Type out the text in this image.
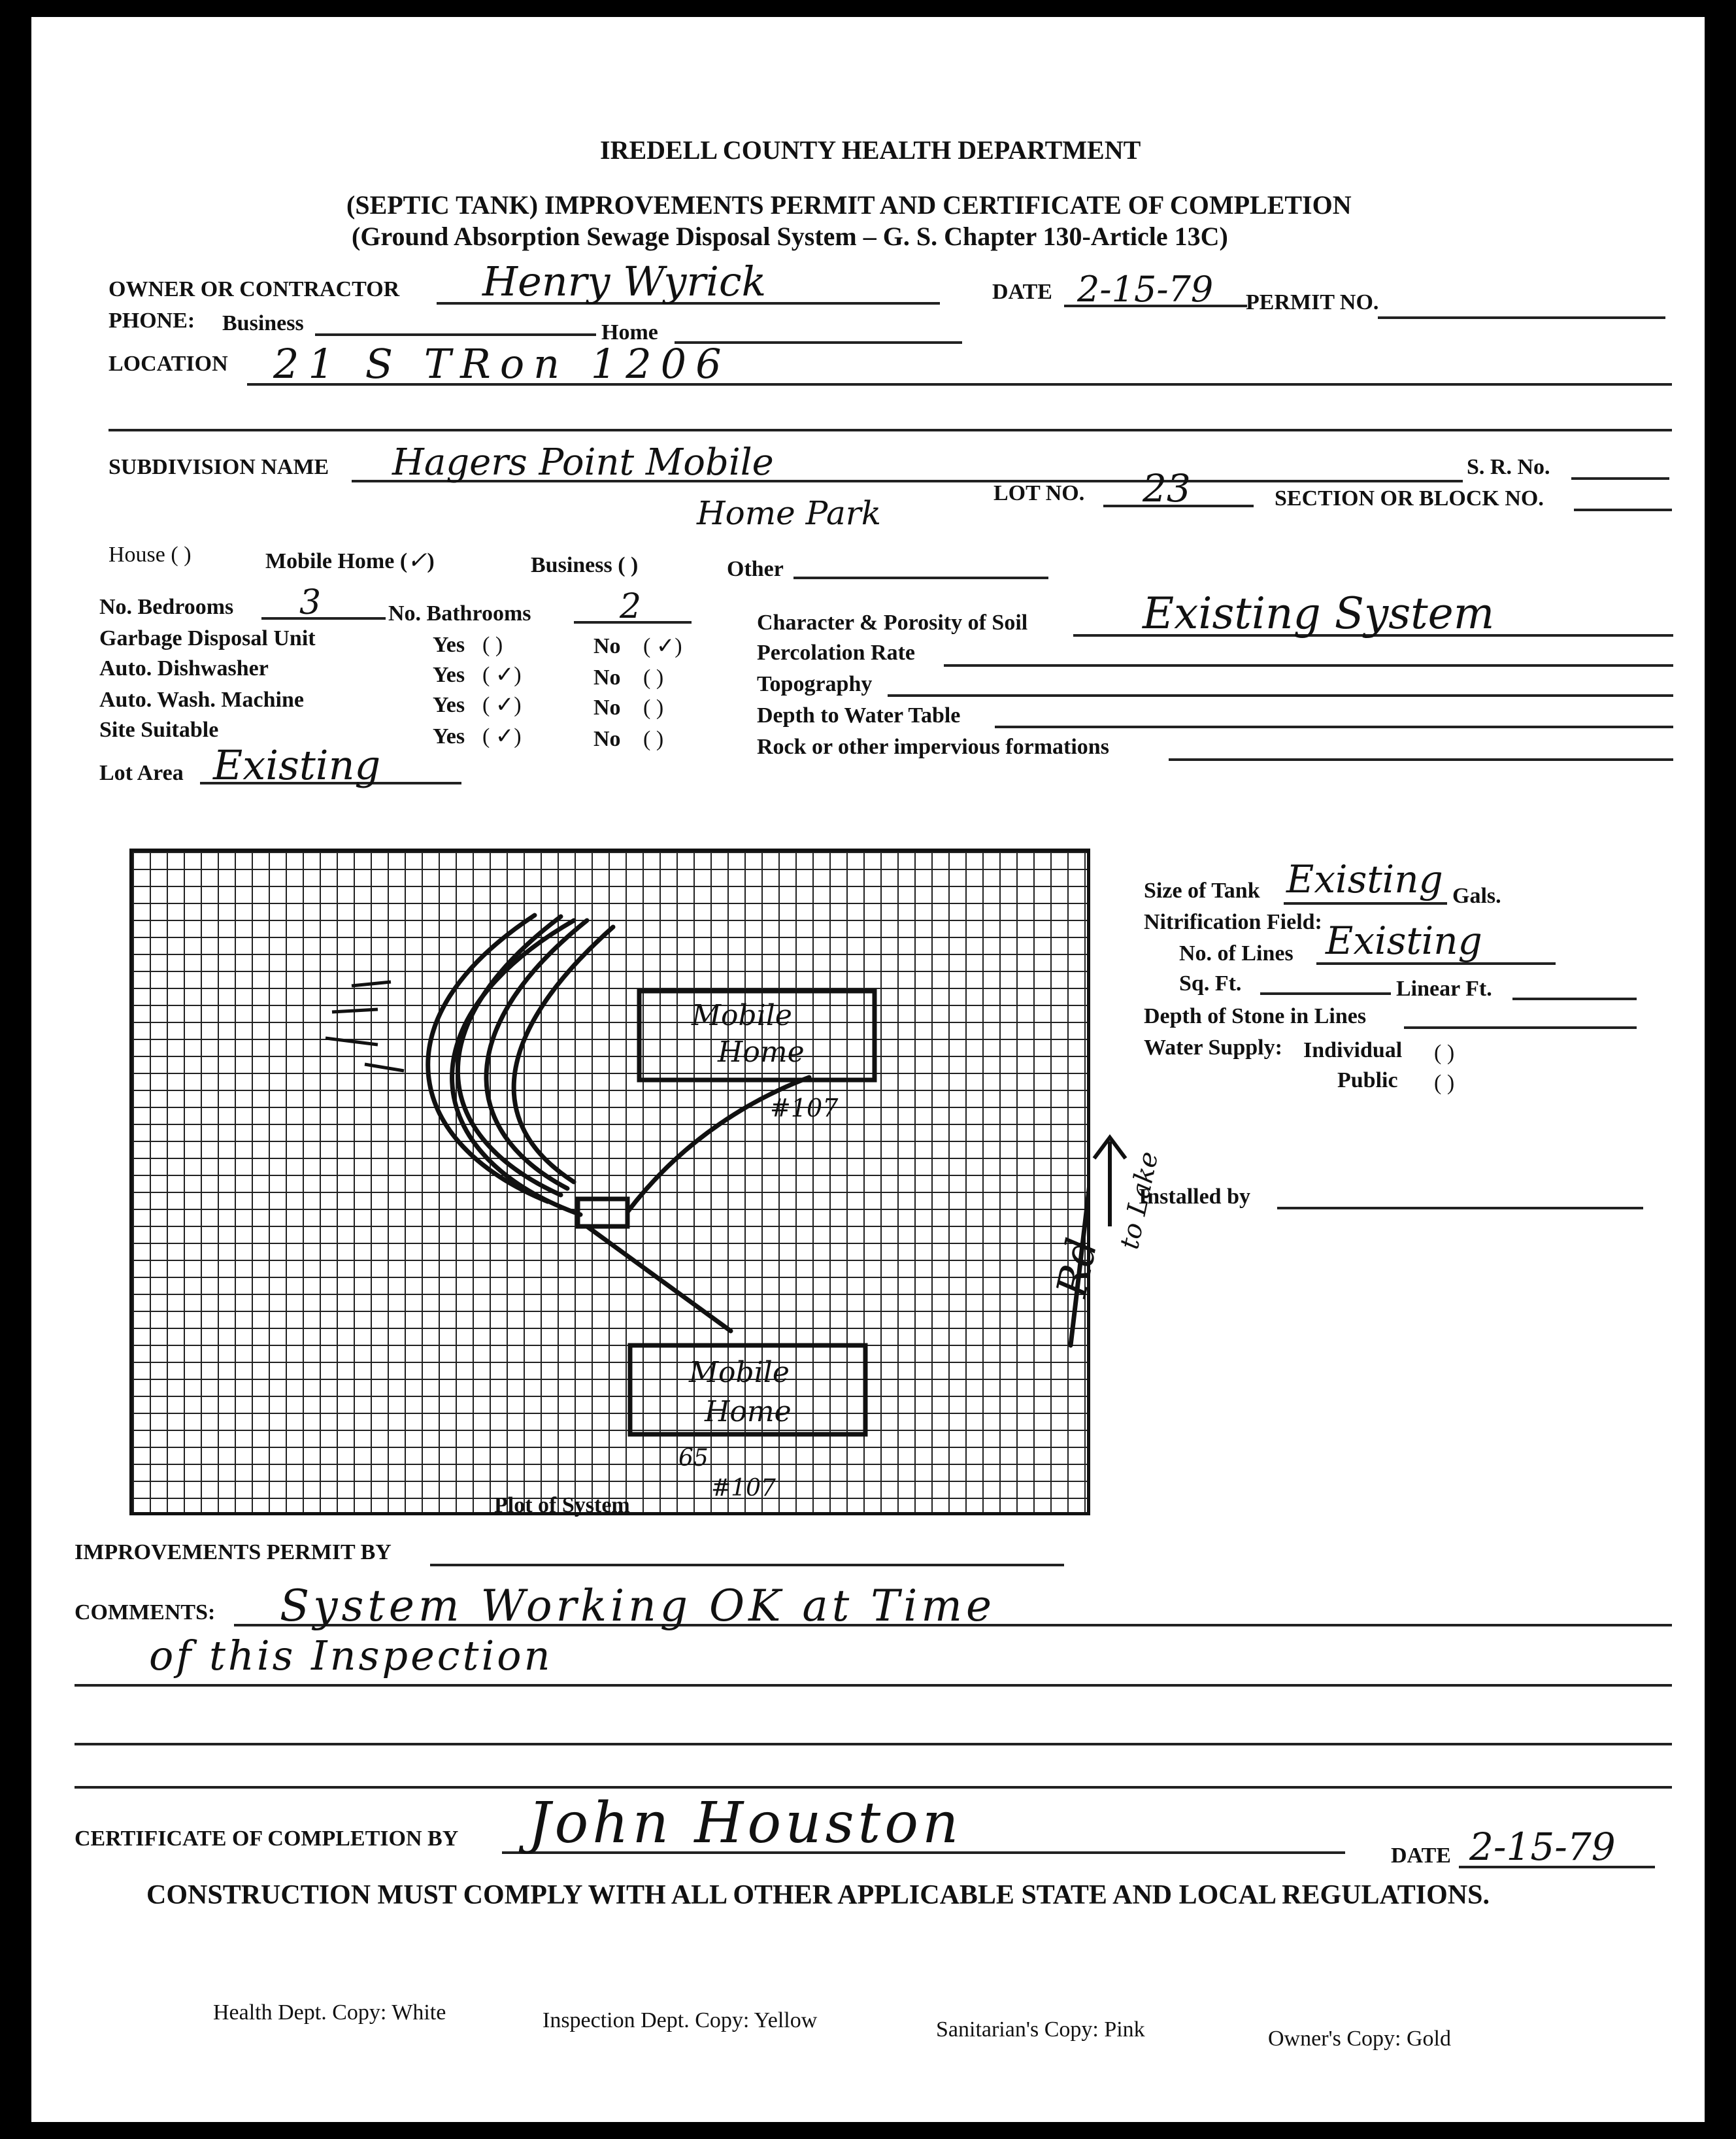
IREDELL COUNTY HEALTH DEPARTMENT
(SEPTIC TANK) IMPROVEMENTS PERMIT AND CERTIFICATE OF COMPLETION
(Ground Absorption Sewage Disposal System – G. S. Chapter 130-Article 13C)
OWNER OR CONTRACTOR Henry Wyrick	DATE 2-15-79 PERMIT NO.
PHONE: Business	Home
LOCATION 21 S TRon 1206
S. R. No.
SUBDIVISION NAME Hagers Point Mobile
Home Park
LOT NO. 23	SECTION OR BLOCK NO.
House ( )	Mobile Home (✓)	Business ( )	Other
No. Bedrooms 3	No. Bathrooms	2
Garbage Disposal Unit	Yes ( )	No ( ✓)
Auto. Dishwasher	Yes ( ✓)	No ( )
Auto. Wash. Machine	Yes ( ✓)	No ( )
Site Suitable	Yes ( ✓)	No ( )
Lot Area Existing
Character & Porosity of Soil	Existing System
Percolation Rate
Topography
Depth to Water Table
Rock or other impervious formations
Mobile
Home
#107
Mobile
Home
65
#107
Rd
to Lake
Plot of System
Size of Tank Existing Gals.
Nitrification Field:
No. of Lines Existing
Sq. Ft.	Linear Ft.
Depth of Stone in Lines
Water Supply: Individual ( )
Public ( )
Installed by
IMPROVEMENTS PERMIT BY
COMMENTS: System Working OK at Time
of this Inspection
CERTIFICATE OF COMPLETION BY John Houston	DATE 2-15-79
CONSTRUCTION MUST COMPLY WITH ALL OTHER APPLICABLE STATE AND LOCAL REGULATIONS.
Health Dept. Copy: White	Inspection Dept. Copy: Yellow	Sanitarian's Copy: Pink	Owner's Copy: Gold
